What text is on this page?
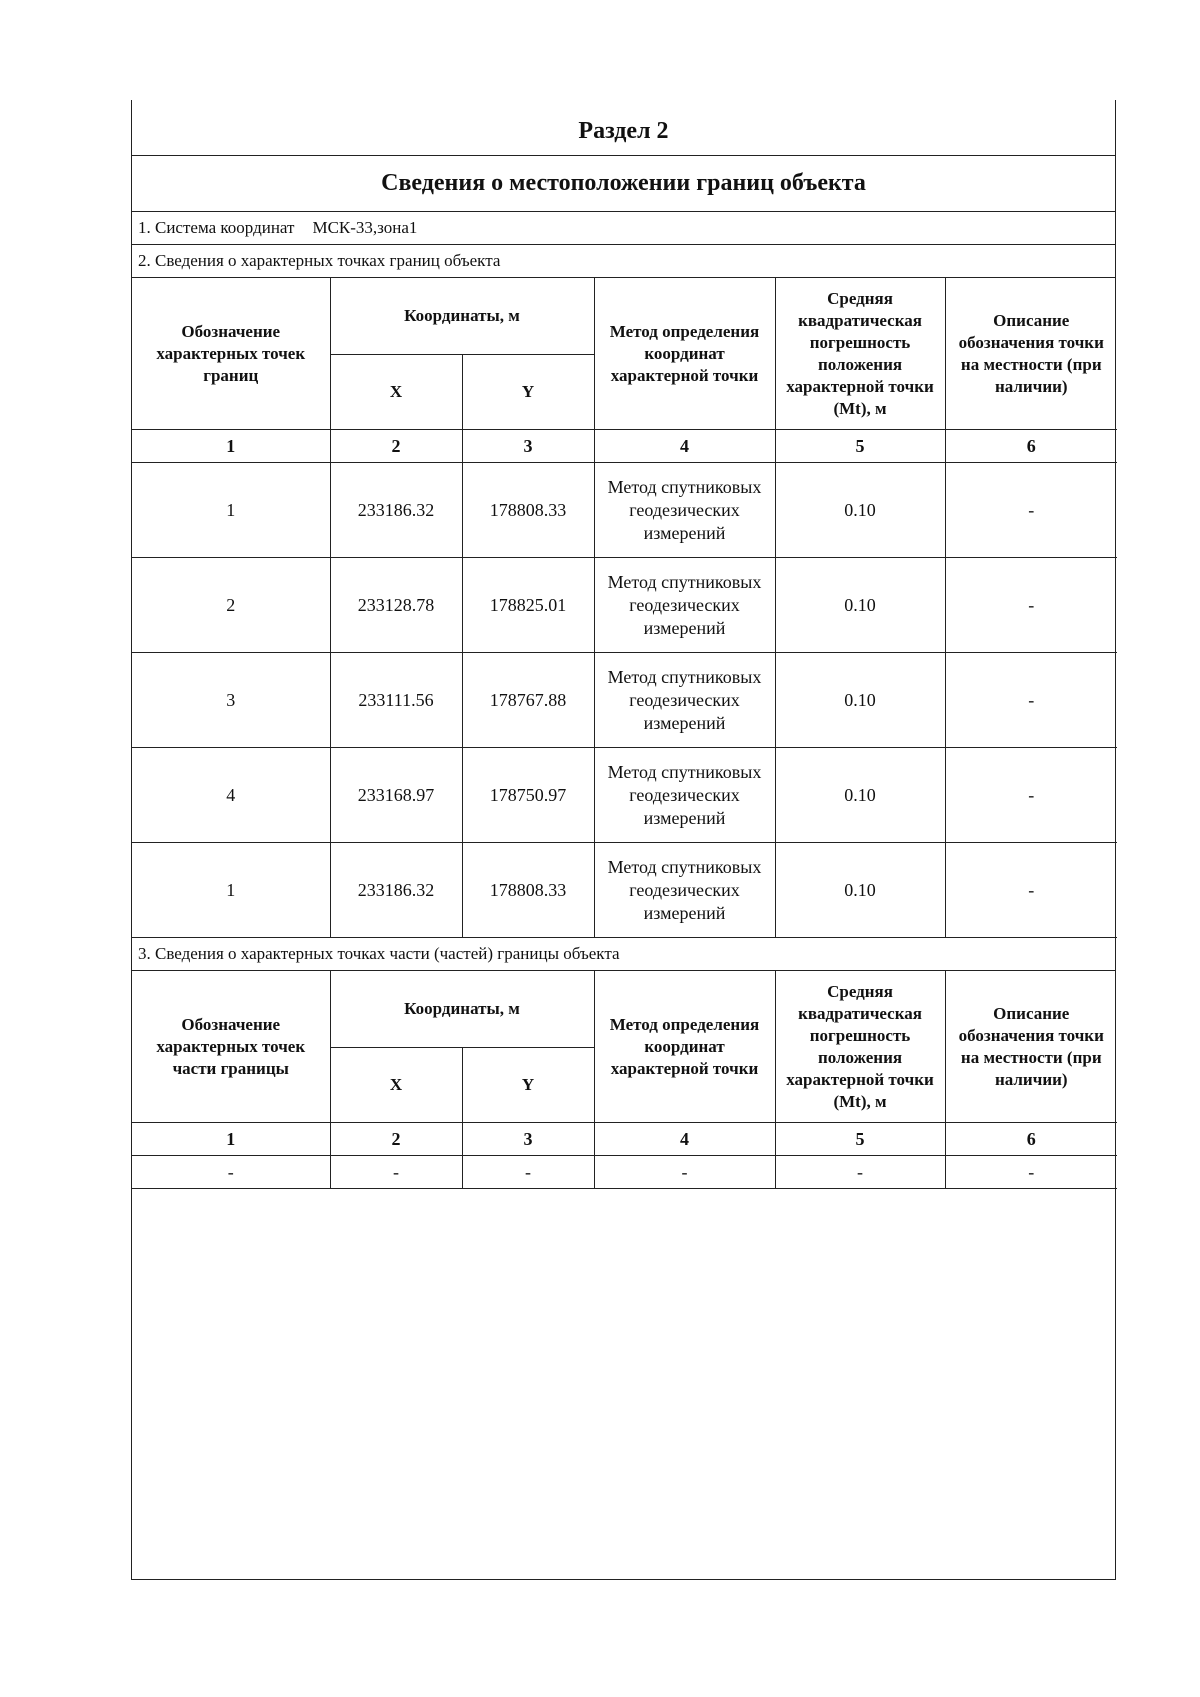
Раздел 2
Сведения о местоположении границ объекта
1. Система координат МСК-33,зона1
2. Сведения о характерных точках границ объекта
Обозначение характерных точек границ	Координаты, м		Метод определения координат характерной точки	Средняя квадратическая погрешность положения характерной точки (Mt), м	Описание обозначения точки на местности (при наличии)
	X	Y			
1	2	3	4	5	6
1	233186.32	178808.33	Метод спутниковых геодезических измерений	0.10	-
2	233128.78	178825.01	Метод спутниковых геодезических измерений	0.10	-
3	233111.56	178767.88	Метод спутниковых геодезических измерений	0.10	-
4	233168.97	178750.97	Метод спутниковых геодезических измерений	0.10	-
1	233186.32	178808.33	Метод спутниковых геодезических измерений	0.10	-
3. Сведения о характерных точках части (частей) границы объекта
Обозначение характерных точек части границы	Координаты, м		Метод определения координат характерной точки	Средняя квадратическая погрешность положения характерной точки (Mt), м	Описание обозначения точки на местности (при наличии)
	X	Y			
1	2	3	4	5	6
-	-	-	-	-	-
